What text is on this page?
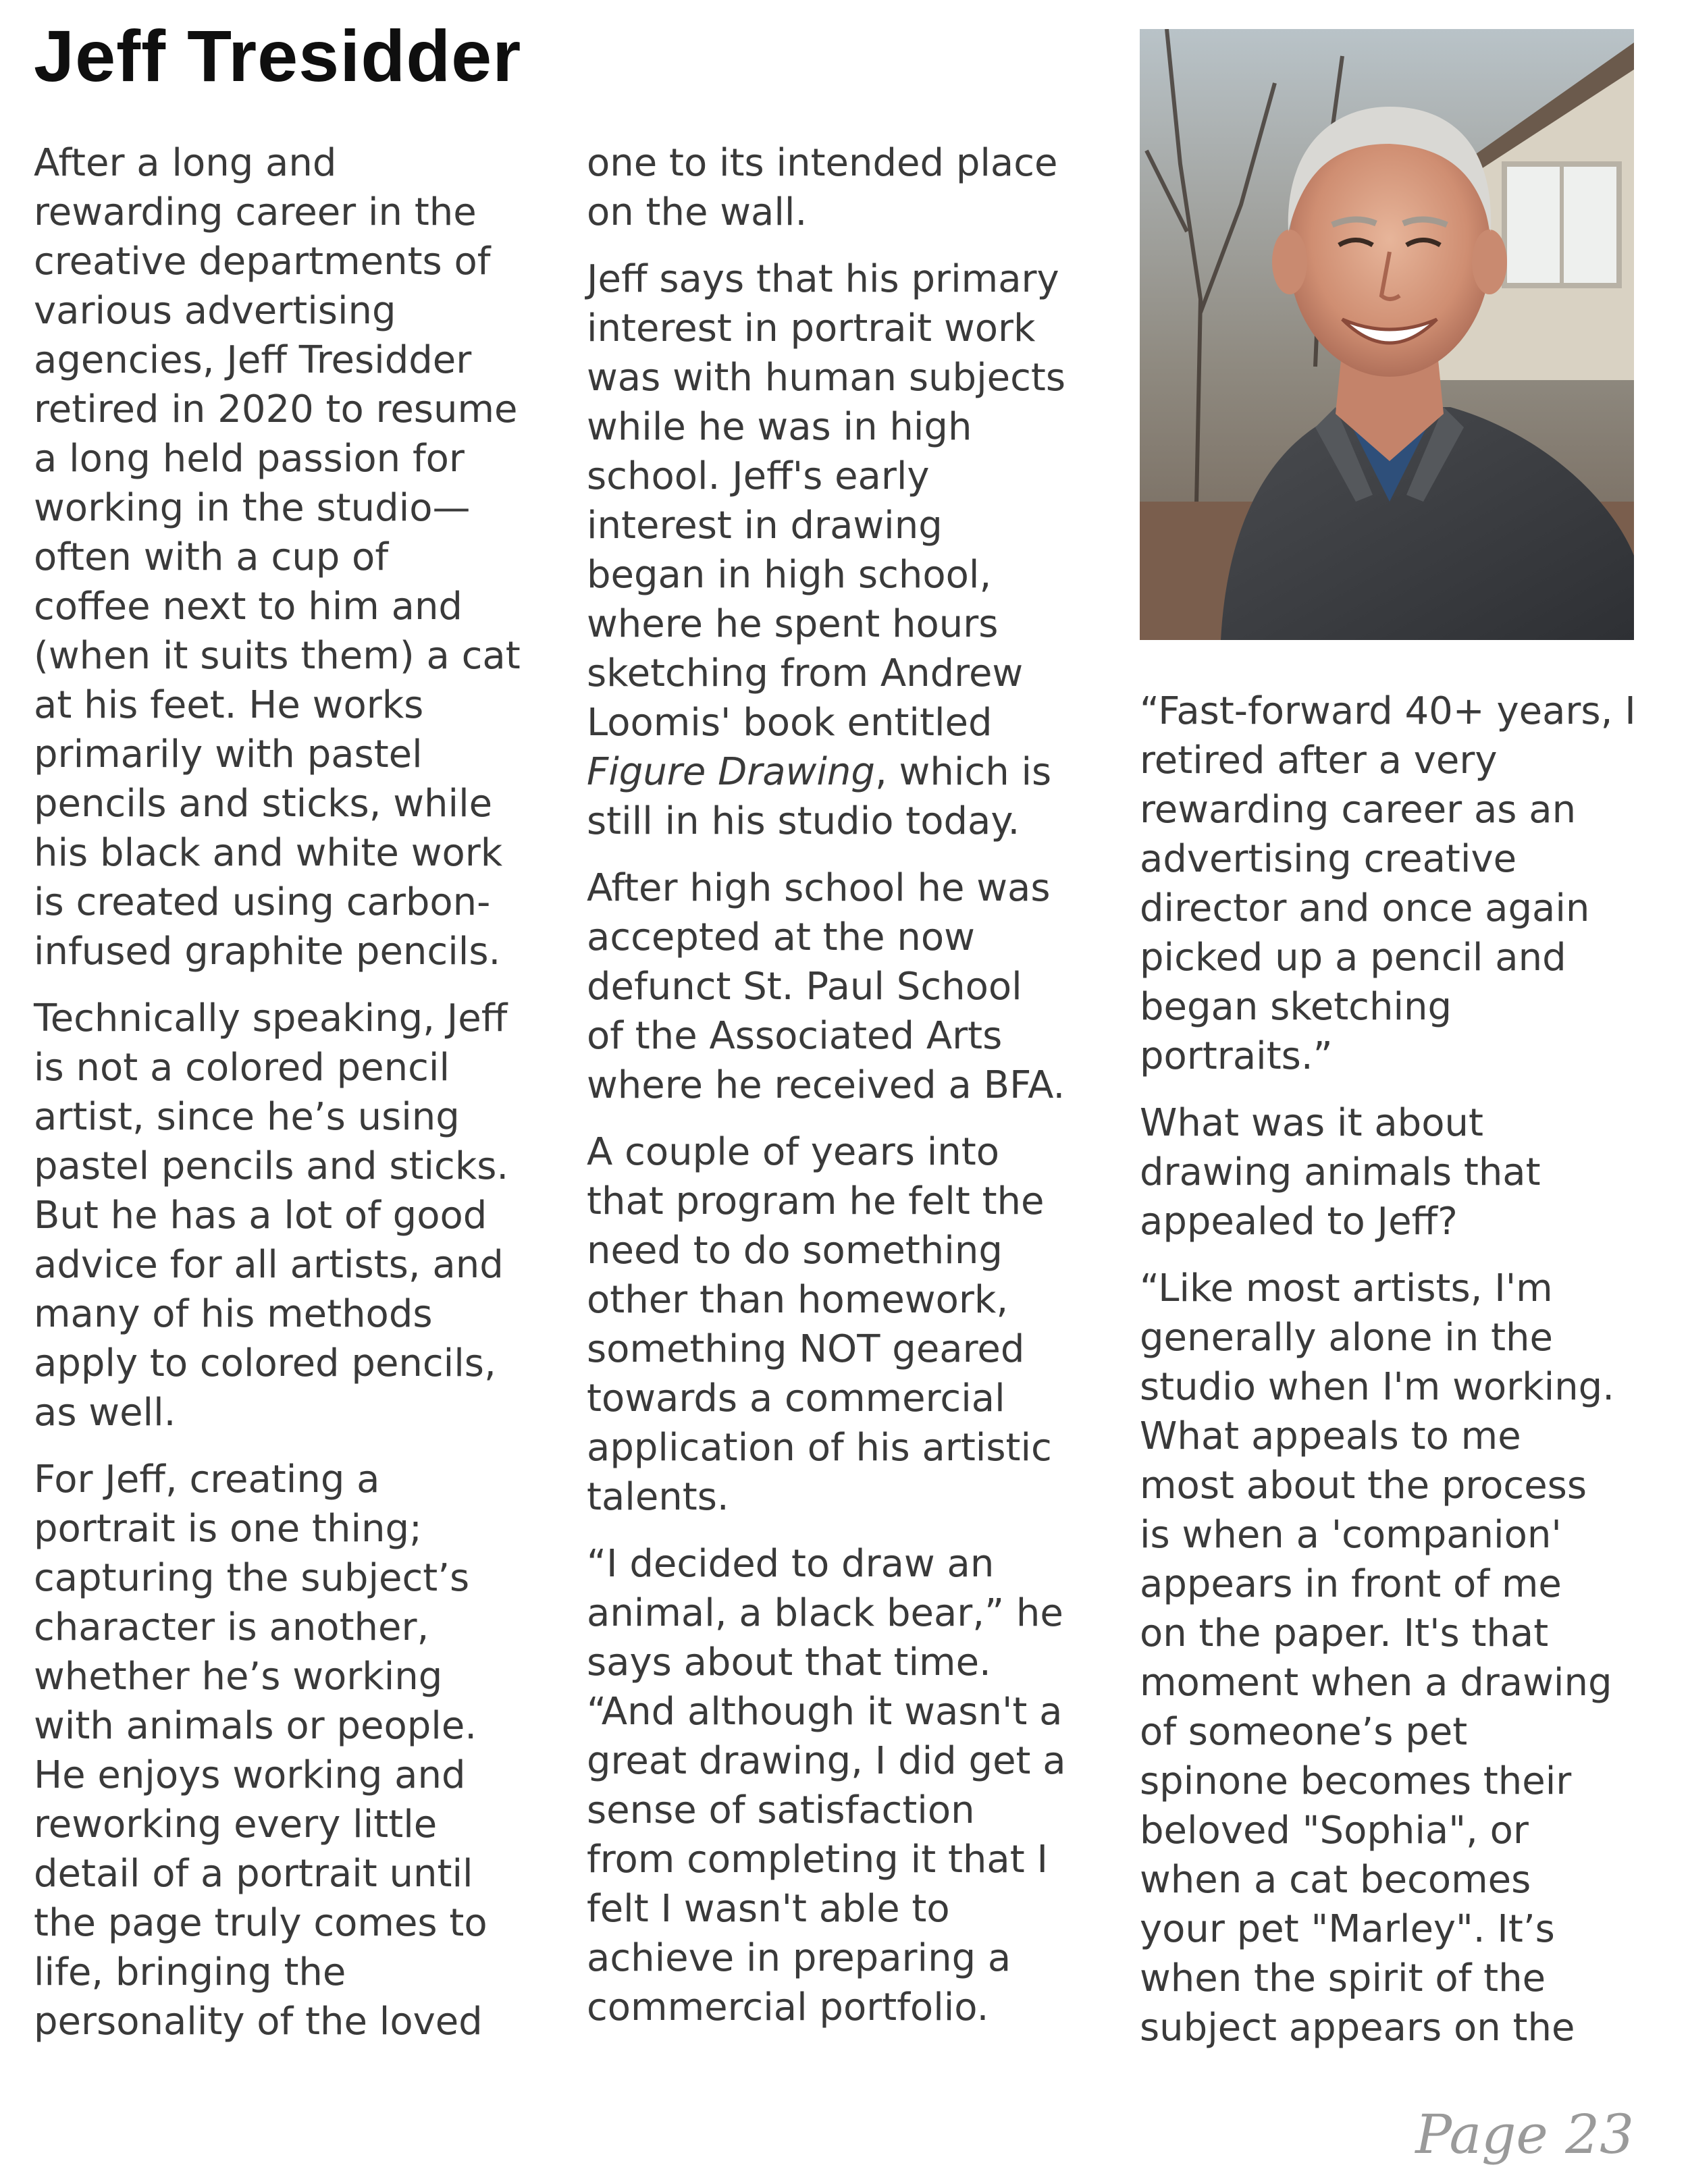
Jeff Tresidder

After a long and
rewarding career in the
creative departments of
various advertising
agencies, Jeff Tresidder
retired in 2020 to resume
a long held passion for
working in the studio—
often with a cup of
coffee next to him and
(when it suits them) a cat
at his feet. He works
primarily with pastel
pencils and sticks, while
his black and white work
is created using carbon-
infused graphite pencils.

Technically speaking, Jeff
is not a colored pencil
artist, since he’s using
pastel pencils and sticks.
But he has a lot of good
advice for all artists, and
many of his methods
apply to colored pencils,
as well.

For Jeff, creating a
portrait is one thing;
capturing the subject’s
character is another,
whether he’s working
with animals or people.
He enjoys working and
reworking every little
detail of a portrait until
the page truly comes to
life, bringing the
personality of the loved

one to its intended place
on the wall.

Jeff says that his primary
interest in portrait work
was with human subjects
while he was in high
school. Jeff's early
interest in drawing
began in high school,
where he spent hours
sketching from Andrew
Loomis' book entitled
Figure Drawing, which is
still in his studio today.

After high school he was
accepted at the now
defunct St. Paul School
of the Associated Arts
where he received a BFA.

A couple of years into
that program he felt the
need to do something
other than homework,
something NOT geared
towards a commercial
application of his artistic
talents.

“I decided to draw an
animal, a black bear,” he
says about that time.
“And although it wasn't a
great drawing, I did get a
sense of satisfaction
from completing it that I
felt I wasn't able to
achieve in preparing a
commercial portfolio.

“Fast-forward 40+ years, I
retired after a very
rewarding career as an
advertising creative
director and once again
picked up a pencil and
began sketching
portraits.”

What was it about
drawing animals that
appealed to Jeff?

“Like most artists, I'm
generally alone in the
studio when I'm working.
What appeals to me
most about the process
is when a 'companion'
appears in front of me
on the paper. It's that
moment when a drawing
of someone’s pet
spinone becomes their
beloved "Sophia", or
when a cat becomes
your pet "Marley". It’s
when the spirit of the
subject appears on the

Page 23
